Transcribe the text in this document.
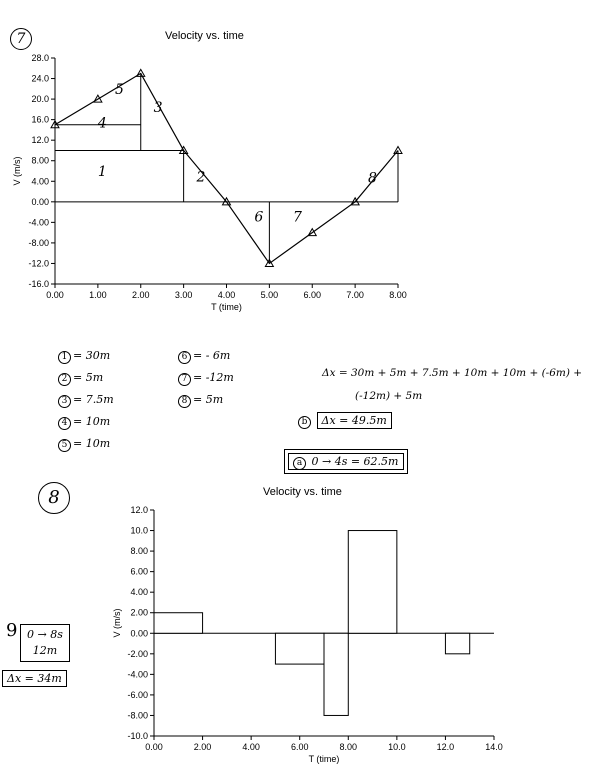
7	Velocity vs. time
28.0
24.0
20.0
16.0
12.0
8.00
4.00
0.00
-4.00
-8.00
-12.0
-16.0
0.00	1.00	2.00	3.00	4.00	5.00	6.00	7.00	8.00
T (time)
V (m/s)	1	2
3
4
5
6 7
8
1 = 30m
2 = 5m
3 = 7.5m
4 = 10m
5 = 10m
6 = - 6m
7 = -12m
8 = 5m
Δx = 30m + 5m + 7.5m + 10m + 10m + (-6m) +
(-12m) + 5m
b Δx = 49.5m
a 0 → 4s = 62.5m
8
9 0 → 8s
12m
Δx = 34m
Velocity vs. time
12.0
10.0
8.00
6.00
4.00
2.00
0.00
-2.00
-4.00
-6.00
-8.00
-10.0
0.00	2.00	4.00	6.00	8.00	10.0	12.0	14.0
T (time)
V (m/s)
